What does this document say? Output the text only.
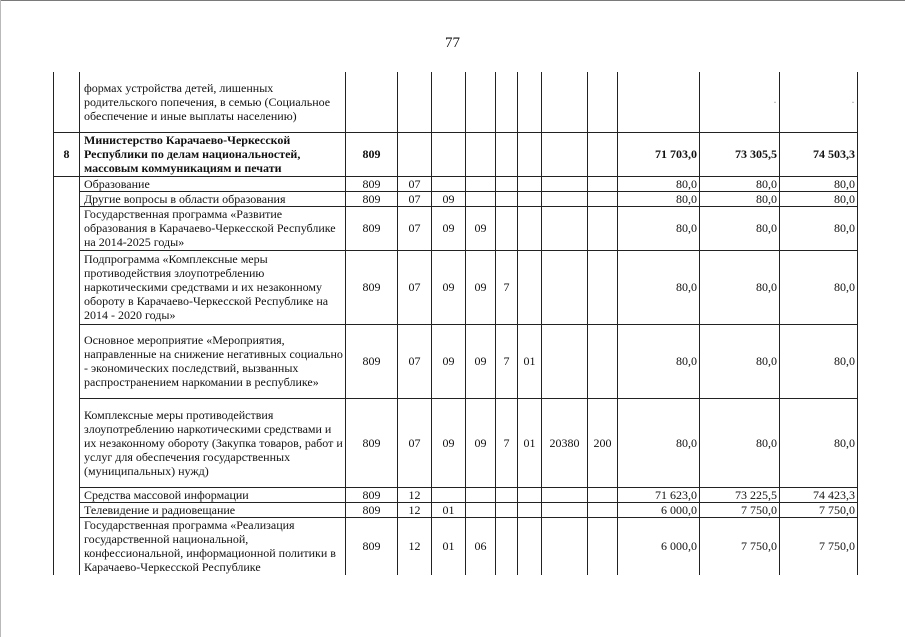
77
	формах устройства детей, лишенных родительского попечения, в семью (Социальное обеспечение и иные выплаты населению)										·	·
8	Министерство Карачаево-Черкесской Республики по делам национальностей, массовым коммуникациям и печати	809								71 703,0	73 305,5	74 503,3
	Образование	809	07							80,0	80,0	80,0
	Другие вопросы в области образования	809	07	09						80,0	80,0	80,0
	Государственная программа «Развитие образования в Карачаево-Черкесской Республике на 2014-2025 годы»	809	07	09	09					80,0	80,0	80,0
	Подпрограмма «Комплексные меры противодействия злоупотреблению наркотическими средствами и их незаконному обороту в Карачаево-Черкесской Республике на 2014 - 2020 годы»	809	07	09	09	7				80,0	80,0	80,0
	Основное мероприятие «Мероприятия, направленные на снижение негативных социально - экономических последствий, вызванных распространением наркомании в республике»	809	07	09	09	7	01			80,0	80,0	80,0
	Комплексные меры противодействия злоупотреблению наркотическими средствами и их незаконному обороту (Закупка товаров, работ и услуг для обеспечения государственных (муниципальных) нужд)	809	07	09	09	7	01	20380	200	80,0	80,0	80,0
	Средства массовой информации	809	12							71 623,0	73 225,5	74 423,3
	Телевидение и радиовещание	809	12	01						6 000,0	7 750,0	7 750,0
	Государственная программа «Реализация государственной национальной, конфессиональной, информационной политики в Карачаево-Черкесской Республике	809	12	01	06					6 000,0	7 750,0	7 750,0
